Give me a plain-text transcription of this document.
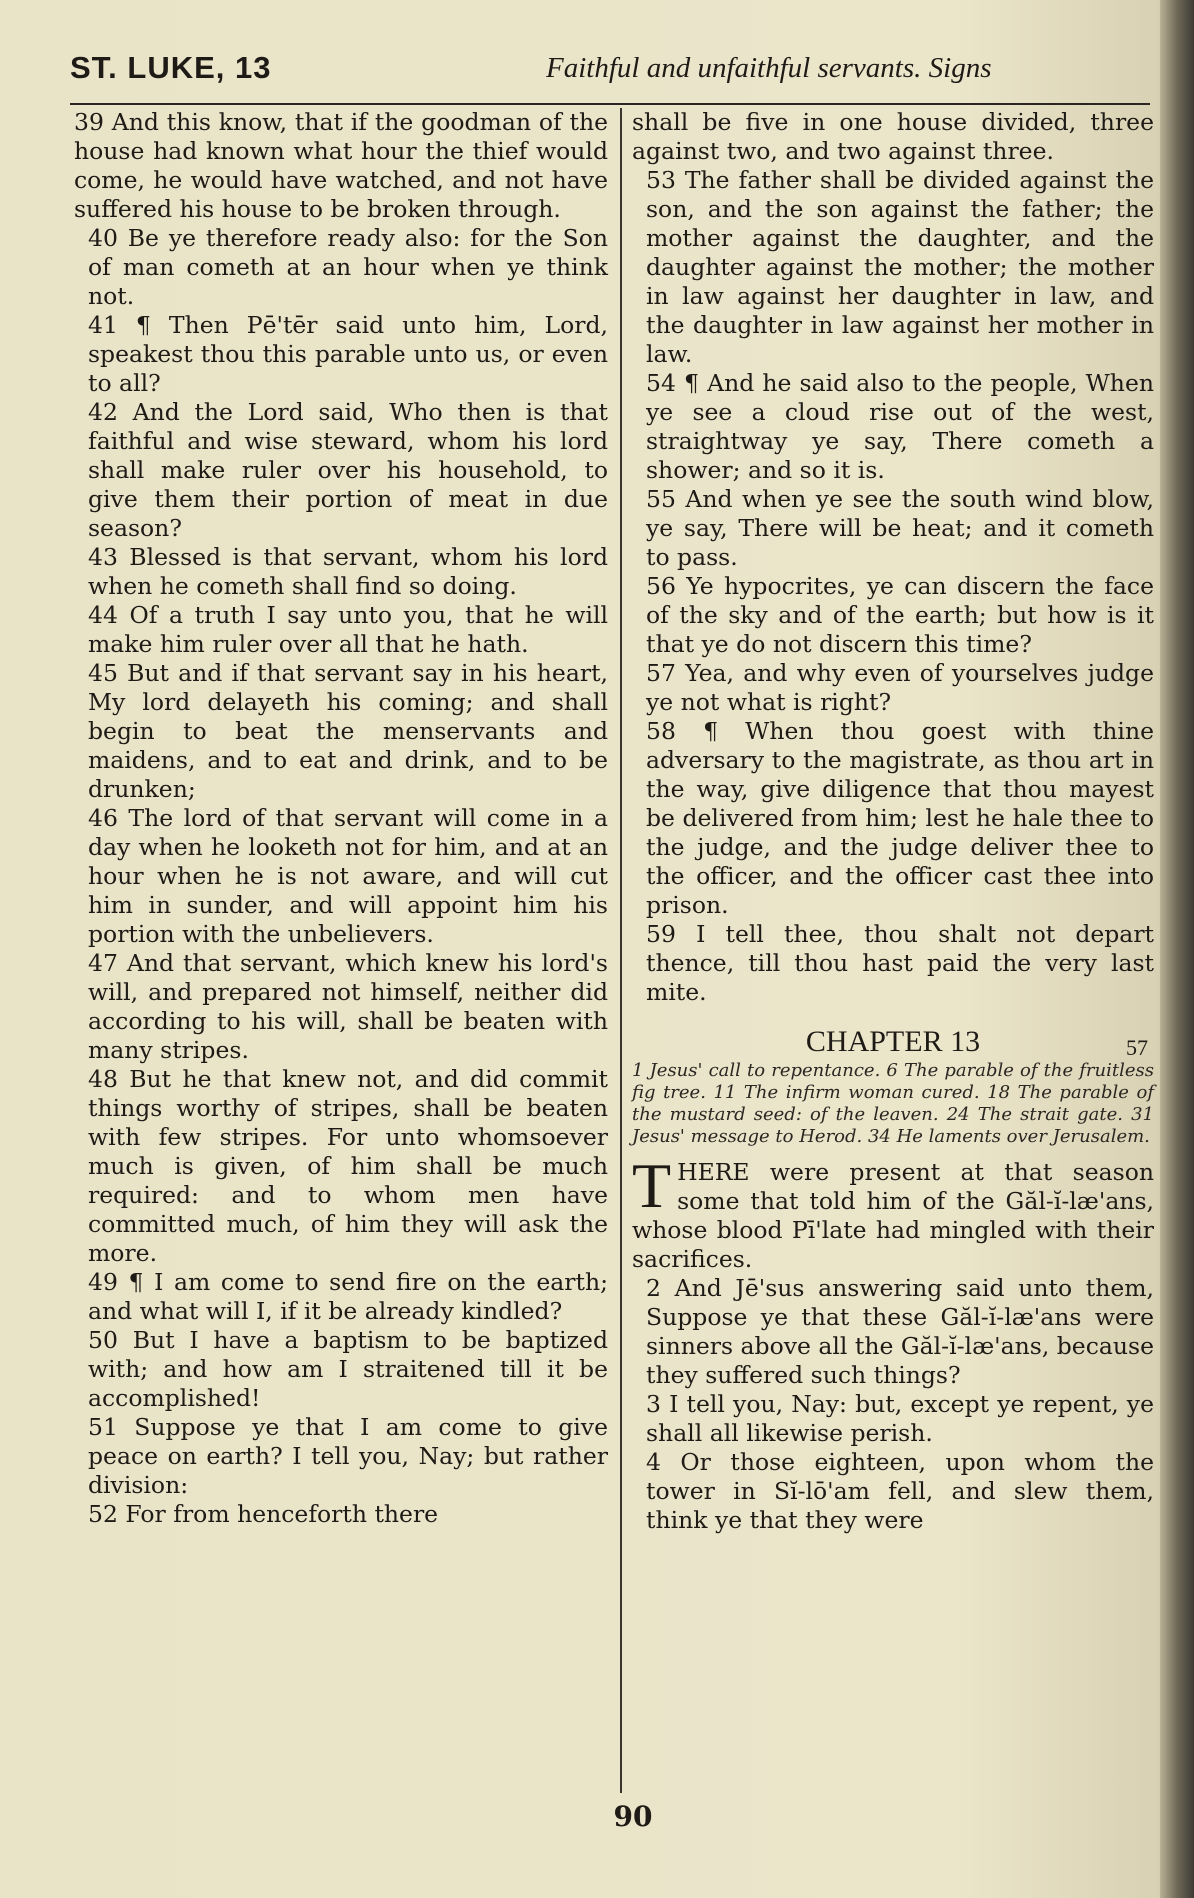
ST. LUKE, 13	Faithful and unfaithful servants. Signs

39 And this know, that if the goodman of the house had known what hour the thief would come, he would have watched, and not have suffered his house to be broken through.

40 Be ye therefore ready also: for the Son of man cometh at an hour when ye think not.

41 ¶ Then Pē'tēr said unto him, Lord, speakest thou this parable unto us, or even to all?

42 And the Lord said, Who then is that faithful and wise steward, whom his lord shall make ruler over his household, to give them their portion of meat in due season?

43 Blessed is that servant, whom his lord when he cometh shall find so doing.

44 Of a truth I say unto you, that he will make him ruler over all that he hath.

45 But and if that servant say in his heart, My lord delayeth his coming; and shall begin to beat the menservants and maidens, and to eat and drink, and to be drunken;

46 The lord of that servant will come in a day when he looketh not for him, and at an hour when he is not aware, and will cut him in sunder, and will appoint him his portion with the unbelievers.

47 And that servant, which knew his lord's will, and prepared not himself, neither did according to his will, shall be beaten with many stripes.

48 But he that knew not, and did commit things worthy of stripes, shall be beaten with few stripes. For unto whomsoever much is given, of him shall be much required: and to whom men have committed much, of him they will ask the more.

49 ¶ I am come to send fire on the earth; and what will I, if it be already kindled?

50 But I have a baptism to be baptized with; and how am I straitened till it be accomplished!

51 Suppose ye that I am come to give peace on earth? I tell you, Nay; but rather division:

52 For from henceforth there

shall be five in one house divided, three against two, and two against three.

53 The father shall be divided against the son, and the son against the father; the mother against the daughter, and the daughter against the mother; the mother in law against her daughter in law, and the daughter in law against her mother in law.

54 ¶ And he said also to the people, When ye see a cloud rise out of the west, straightway ye say, There cometh a shower; and so it is.

55 And when ye see the south wind blow, ye say, There will be heat; and it cometh to pass.

56 Ye hypocrites, ye can discern the face of the sky and of the earth; but how is it that ye do not discern this time?

57 Yea, and why even of yourselves judge ye not what is right?

58 ¶ When thou goest with thine adversary to the magistrate, as thou art in the way, give diligence that thou mayest be delivered from him; lest he hale thee to the judge, and the judge deliver thee to the officer, and the officer cast thee into prison.

59 I tell thee, thou shalt not depart thence, till thou hast paid the very last mite.

CHAPTER 13	57

1 Jesus' call to repentance. 6 The parable of the fruitless fig tree. 11 The infirm woman cured. 18 The parable of the mustard seed: of the leaven. 24 The strait gate. 31 Jesus' message to Herod. 34 He laments over Jerusalem.

THERE were present at that season some that told him of the Găl-ĭ-læ'ans, whose blood Pī'late had mingled with their sacrifices.

2 And Jē'sus answering said unto them, Suppose ye that these Găl-ĭ-læ'ans were sinners above all the Găl-ĭ-læ'ans, because they suffered such things?

3 I tell you, Nay: but, except ye repent, ye shall all likewise perish.

4 Or those eighteen, upon whom the tower in Sĭ-lō'am fell, and slew them, think ye that they were

90
